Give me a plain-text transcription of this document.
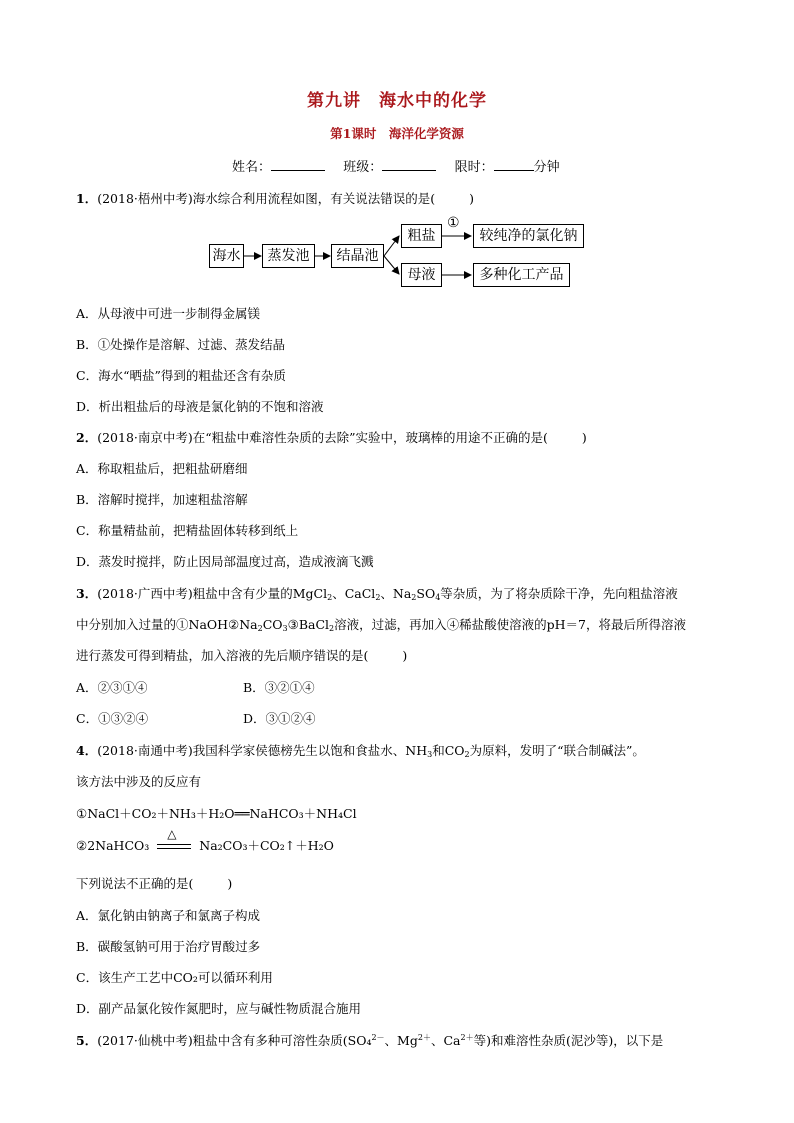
第九讲　海水中的化学
第1课时　海洋化学资源
姓名：	班级：	限时：	分钟
1．(2018·梧州中考)海水综合利用流程如图，有关说法错误的是(	)
海水	蒸发池	结晶池
粗盐
①
较纯净的氯化钠
母液	多种化工产品
A．从母液中可进一步制得金属镁
B．①处操作是溶解、过滤、蒸发结晶
C．海水“晒盐”得到的粗盐还含有杂质
D．析出粗盐后的母液是氯化钠的不饱和溶液
2．(2018·南京中考)在“粗盐中难溶性杂质的去除”实验中，玻璃棒的用途不正确的是(	)
A．称取粗盐后，把粗盐研磨细
B．溶解时搅拌，加速粗盐溶解
C．称量精盐前，把精盐固体转移到纸上
D．蒸发时搅拌，防止因局部温度过高，造成液滴飞溅
3．(2018·广西中考)粗盐中含有少量的MgCl$_2$、CaCl$_2$、$Na_2SO_4$等杂质，为了将杂质除干净，先向粗盐溶液
中分别加入过量的$①NaOH②Na_2CO_3③BaCl_2$溶液，过滤，再加入④稀盐酸使溶液的pH＝7，将最后所得溶液
进行蒸发可得到精盐，加入溶液的先后顺序错误的是(	)
A．②③①④	B．③②①④
C．①③②④	D．③①②④
4．(2018·南通中考)我国科学家侯德榜先生以饱和食盐水、$NH_3$和$CO_2$为原料，发明了“联合制碱法”。
该方法中涉及的反应有
①NaCl＋CO₂＋NH₃＋H₂O══NaHCO₃＋NH₄Cl
②2NaHCO₃
△
Na₂CO₃＋CO₂↑＋H₂O
下列说法不正确的是(	)
A．氯化钠由钠离子和氯离子构成
B．碳酸氢钠可用于治疗胃酸过多
C．该生产工艺中CO₂可以循环利用
D．副产品氯化铵作氮肥时，应与碱性物质混合施用
5．(2017·仙桃中考)粗盐中含有多种可溶性杂质(SO₄$^{2-}$、$Mg^{2+}$、$Ca^{2+}$等)和难溶性杂质(泥沙等)，以下是
